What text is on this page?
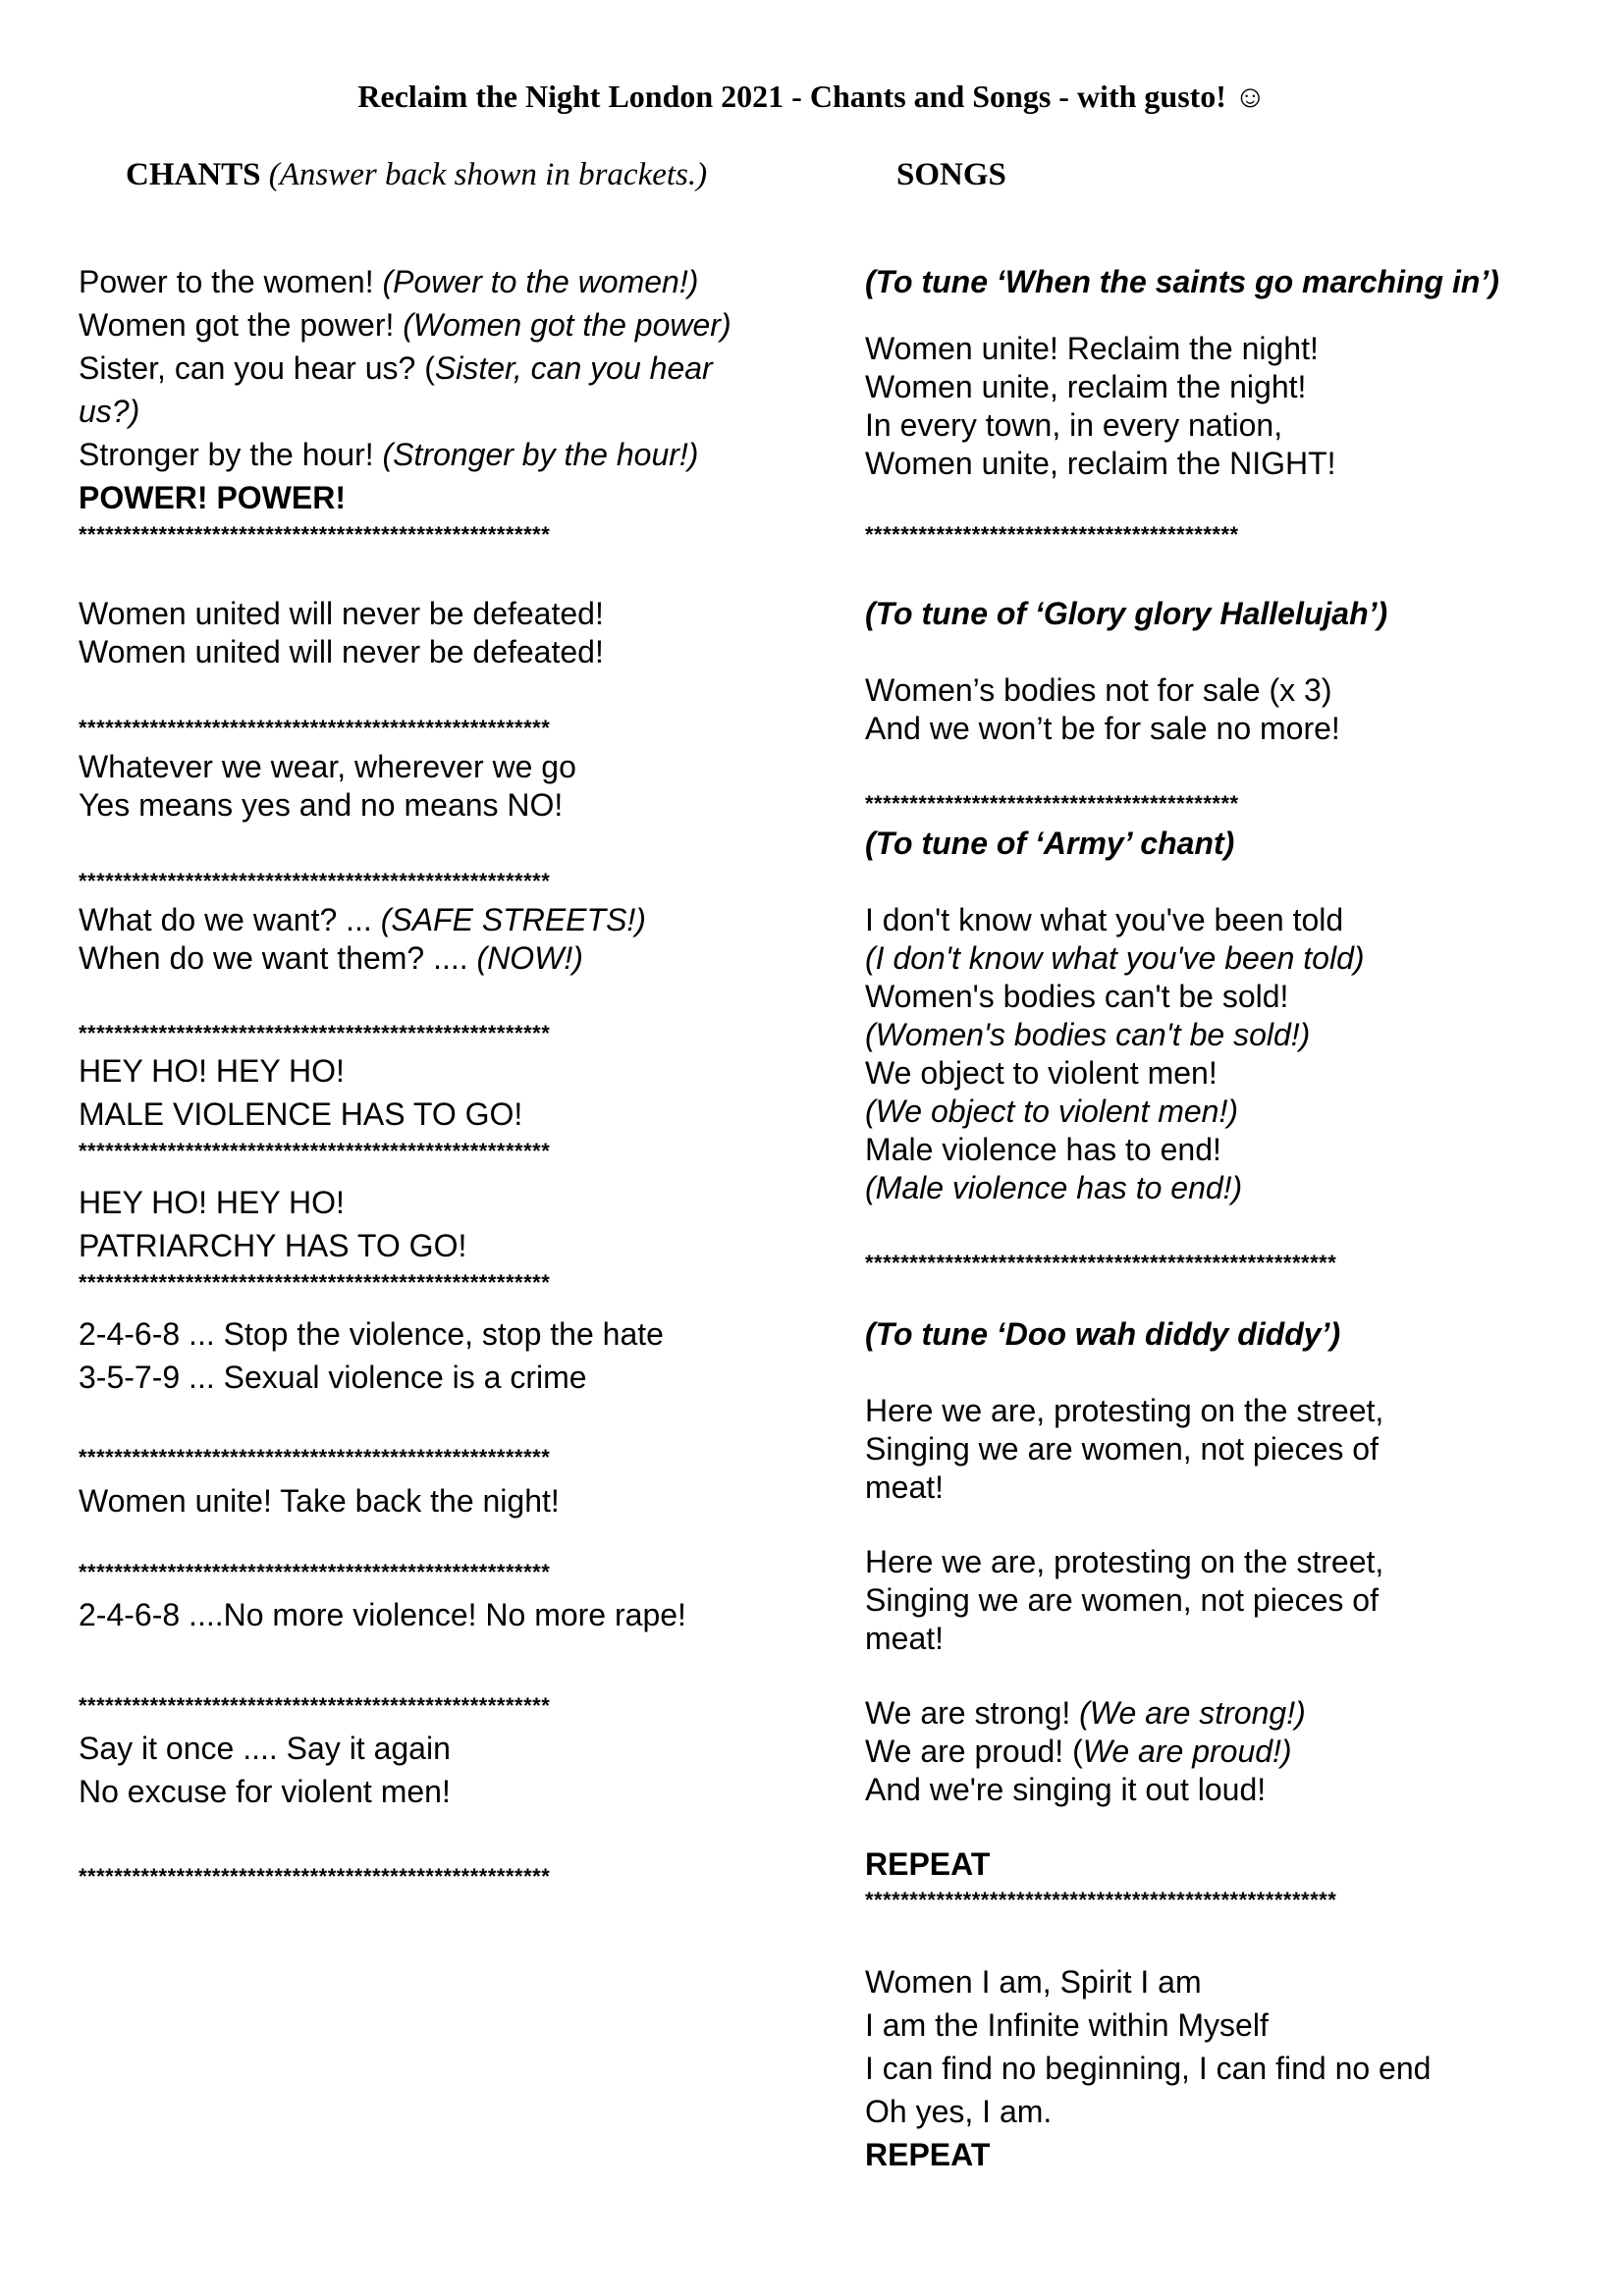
Reclaim the Night London 2021 - Chants and Songs - with gusto! ☺
CHANTS (Answer back shown in brackets.)	SONGS
Power to the women! (Power to the women!)
Women got the power! (Women got the power)
Sister, can you hear us? (Sister, can you hear
us?)
Stronger by the hour! (Stronger by the hour!)
POWER! POWER!
*****************************************************
Women united will never be defeated!
Women united will never be defeated!
*****************************************************
Whatever we wear, wherever we go
Yes means yes and no means NO!
*****************************************************
What do we want? ... (SAFE STREETS!)
When do we want them? .... (NOW!)
*****************************************************
HEY HO! HEY HO!
MALE VIOLENCE HAS TO GO!
*****************************************************
HEY HO! HEY HO!
PATRIARCHY HAS TO GO!
*****************************************************
2-4-6-8 ... Stop the violence, stop the hate
3-5-7-9 ... Sexual violence is a crime
*****************************************************
Women unite! Take back the night!
*****************************************************
2-4-6-8 ....No more violence! No more rape!
*****************************************************
Say it once .... Say it again
No excuse for violent men!
*****************************************************
(To tune ‘When the saints go marching in’)
Women unite! Reclaim the night!
Women unite, reclaim the night!
In every town, in every nation,
Women unite, reclaim the NIGHT!
******************************************
(To tune of ‘Glory glory Hallelujah’)
Women’s bodies not for sale (x 3)
And we won’t be for sale no more!
******************************************
(To tune of ‘Army’ chant)
I don't know what you've been told
(I don't know what you've been told)
Women's bodies can't be sold!
(Women's bodies can't be sold!)
We object to violent men!
(We object to violent men!)
Male violence has to end!
(Male violence has to end!)
*****************************************************
(To tune ‘Doo wah diddy diddy’)
Here we are, protesting on the street,
Singing we are women, not pieces of
meat!
Here we are, protesting on the street,
Singing we are women, not pieces of
meat!
We are strong! (We are strong!)
We are proud! (We are proud!)
And we're singing it out loud!
REPEAT
*****************************************************
Women I am, Spirit I am
I am the Infinite within Myself
I can find no beginning, I can find no end
Oh yes, I am.
REPEAT
